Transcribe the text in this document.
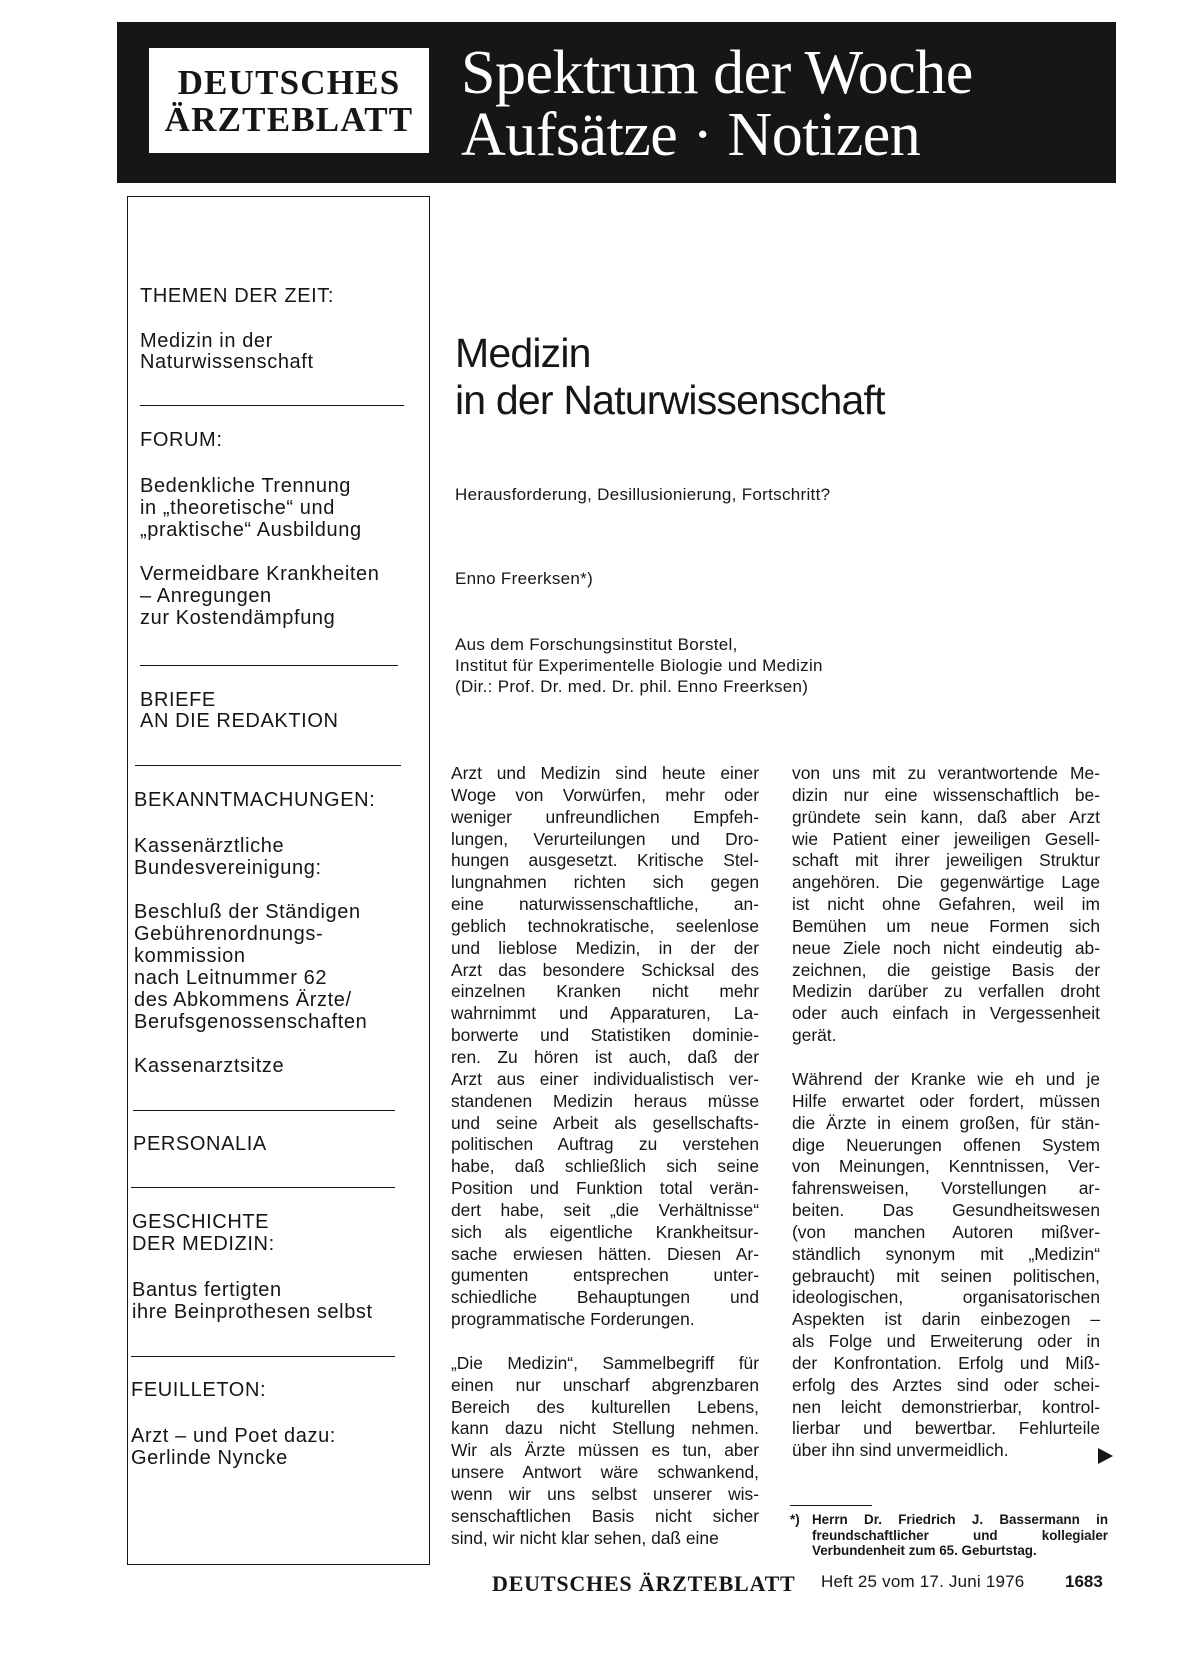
DEUTSCHES
ÄRZTEBLATT
Spektrum der Woche
Aufsätze · Notizen
THEMEN DER ZEIT:
Medizin in der
Naturwissenschaft
FORUM:
Bedenkliche Trennung
in „theoretische“ und
„praktische“ Ausbildung
Vermeidbare Krankheiten
– Anregungen
zur Kostendämpfung
BRIEFE
AN DIE REDAKTION
BEKANNTMACHUNGEN:
Kassenärztliche
Bundesvereinigung:
Beschluß der Ständigen
Gebührenordnungs-
kommission
nach Leitnummer 62
des Abkommens Ärzte/
Berufsgenossenschaften
Kassenarztsitze
PERSONALIA
GESCHICHTE
DER MEDIZIN:
Bantus fertigten
ihre Beinprothesen selbst
FEUILLETON:
Arzt – und Poet dazu:
Gerlinde Nyncke
Medizin
in der Naturwissenschaft
Herausforderung, Desillusionierung, Fortschritt?
Enno Freerksen*)
Aus dem Forschungsinstitut Borstel,
Institut für Experimentelle Biologie und Medizin
(Dir.: Prof. Dr. med. Dr. phil. Enno Freerksen)
Arzt und Medizin sind heute einer
Woge von Vorwürfen, mehr oder
weniger unfreundlichen Empfeh-
lungen, Verurteilungen und Dro-
hungen ausgesetzt. Kritische Stel-
lungnahmen richten sich gegen
eine naturwissenschaftliche, an-
geblich technokratische, seelenlose
und lieblose Medizin, in der der
Arzt das besondere Schicksal des
einzelnen Kranken nicht mehr
wahrnimmt und Apparaturen, La-
borwerte und Statistiken dominie-
ren. Zu hören ist auch, daß der
Arzt aus einer individualistisch ver-
standenen Medizin heraus müsse
und seine Arbeit als gesellschafts-
politischen Auftrag zu verstehen
habe, daß schließlich sich seine
Position und Funktion total verän-
dert habe, seit „die Verhältnisse“
sich als eigentliche Krankheitsur-
sache erwiesen hätten. Diesen Ar-
gumenten entsprechen unter-
schiedliche Behauptungen und
programmatische Forderungen.
„Die Medizin“, Sammelbegriff für
einen nur unscharf abgrenzbaren
Bereich des kulturellen Lebens,
kann dazu nicht Stellung nehmen.
Wir als Ärzte müssen es tun, aber
unsere Antwort wäre schwankend,
wenn wir uns selbst unserer wis-
senschaftlichen Basis nicht sicher
sind, wir nicht klar sehen, daß eine
von uns mit zu verantwortende Me-
dizin nur eine wissenschaftlich be-
gründete sein kann, daß aber Arzt
wie Patient einer jeweiligen Gesell-
schaft mit ihrer jeweiligen Struktur
angehören. Die gegenwärtige Lage
ist nicht ohne Gefahren, weil im
Bemühen um neue Formen sich
neue Ziele noch nicht eindeutig ab-
zeichnen, die geistige Basis der
Medizin darüber zu verfallen droht
oder auch einfach in Vergessenheit
gerät.
Während der Kranke wie eh und je
Hilfe erwartet oder fordert, müssen
die Ärzte in einem großen, für stän-
dige Neuerungen offenen System
von Meinungen, Kenntnissen, Ver-
fahrensweisen, Vorstellungen ar-
beiten. Das Gesundheitswesen
(von manchen Autoren mißver-
ständlich synonym mit „Medizin“
gebraucht) mit seinen politischen,
ideologischen, organisatorischen
Aspekten ist darin einbezogen –
als Folge und Erweiterung oder in
der Konfrontation. Erfolg und Miß-
erfolg des Arztes sind oder schei-
nen leicht demonstrierbar, kontrol-
lierbar und bewertbar. Fehlurteile
über ihn sind unvermeidlich.
*) Herrn Dr. Friedrich J. Bassermann in freundschaftlicher und kollegialer Verbundenheit zum 65. Geburtstag.
DEUTSCHES ÄRZTEBLATT Heft 25 vom 17. Juni 1976 1683
